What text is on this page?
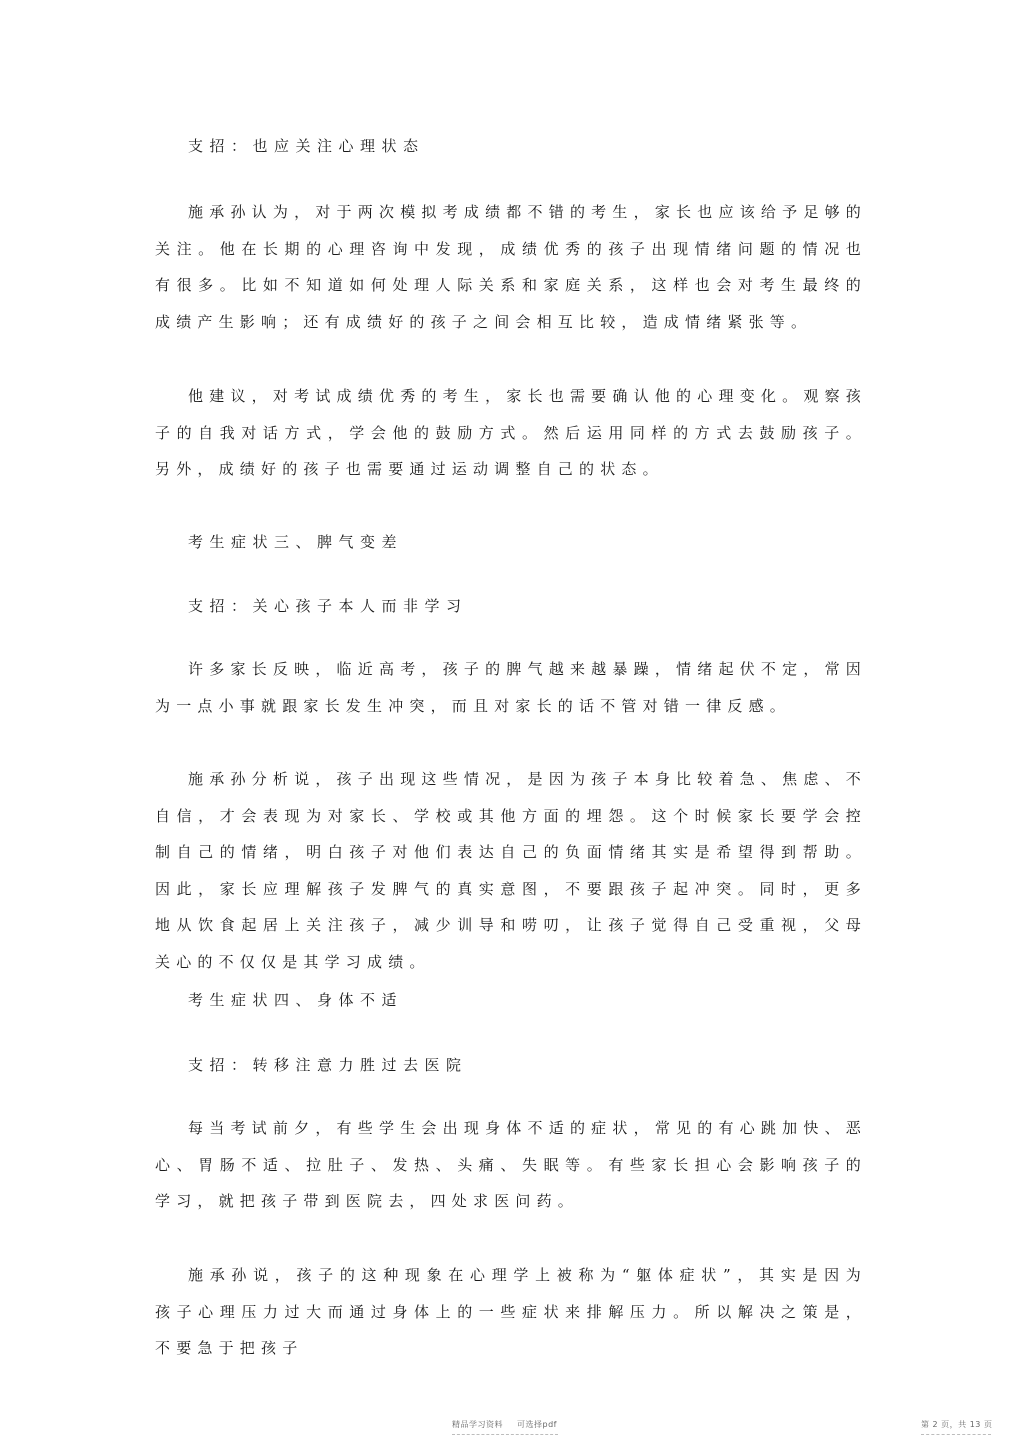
支招：也应关注心理状态
施承孙认为，对于两次模拟考成绩都不错的考生，家长也应该给予足够的关注。他在长期的心理咨询中发现，成绩优秀的孩子出现情绪问题的情况也有很多。比如不知道如何处理人际关系和家庭关系，这样也会对考生最终的成绩产生影响；还有成绩好的孩子之间会相互比较，造成情绪紧张等。
他建议，对考试成绩优秀的考生，家长也需要确认他的心理变化。观察孩子的自我对话方式，学会他的鼓励方式。然后运用同样的方式去鼓励孩子。另外，成绩好的孩子也需要通过运动调整自己的状态。
考生症状三、脾气变差
支招：关心孩子本人而非学习
许多家长反映，临近高考，孩子的脾气越来越暴躁，情绪起伏不定，常因为一点小事就跟家长发生冲突，而且对家长的话不管对错一律反感。
施承孙分析说，孩子出现这些情况，是因为孩子本身比较着急、焦虑、不自信，才会表现为对家长、学校或其他方面的埋怨。这个时候家长要学会控制自己的情绪，明白孩子对他们表达自己的负面情绪其实是希望得到帮助。因此，家长应理解孩子发脾气的真实意图，不要跟孩子起冲突。同时，更多地从饮食起居上关注孩子，减少训导和唠叨，让孩子觉得自己受重视，父母关心的不仅仅是其学习成绩。
考生症状四、身体不适
支招：转移注意力胜过去医院
每当考试前夕，有些学生会出现身体不适的症状，常见的有心跳加快、恶心、胃肠不适、拉肚子、发热、头痛、失眠等。有些家长担心会影响孩子的学习，就把孩子带到医院去，四处求医问药。
施承孙说，孩子的这种现象在心理学上被称为“躯体症状”，其实是因为孩子心理压力过大而通过身体上的一些症状来排解压力。所以解决之策是，不要急于把孩子
精品学习资料 可选择pdf	第 2 页，共 13 页
